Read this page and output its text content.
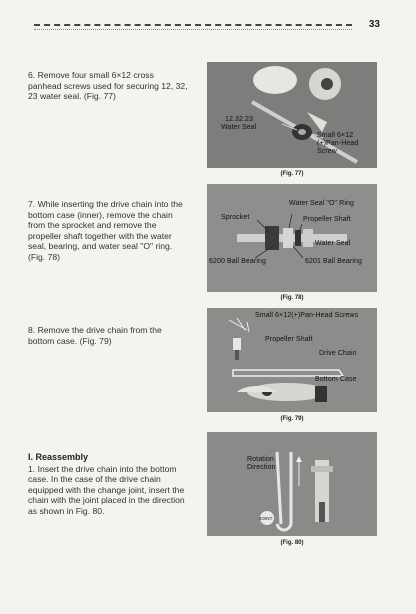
33
6. Remove four small 6×12 cross panhead screws used for securing 12, 32, 23 water seal. (Fig. 77)
7. While inserting the drive chain into the bottom case (inner), remove the chain from the sprocket and remove the propeller shaft together with the water seal, bearing, and water seal "O" ring. (Fig. 78)
8. Remove the drive chain from the bottom case. (Fig. 79)
I. Reassembly
1. Insert the drive chain into the bottom case. In the case of the drive chain equipped with the change joint, insert the chain with the joint placed in the direction as shown in Fig. 80.
12.32.23
Water Seal
Small 6×12
(+)Pan-Head
Screw
(Fig. 77)
Water Seal "O" Ring
Sprocket	Propeller Shaft
Water Seal
6200 Ball Bearing	6201 Ball Bearing
(Fig. 78)
Small 6×12(+)Pan-Head Screws
Propeller Shaft
Drive Chain
Bottom Case
(Fig. 79)
Rotation
Direction
JOINT
(Fig. 80)
